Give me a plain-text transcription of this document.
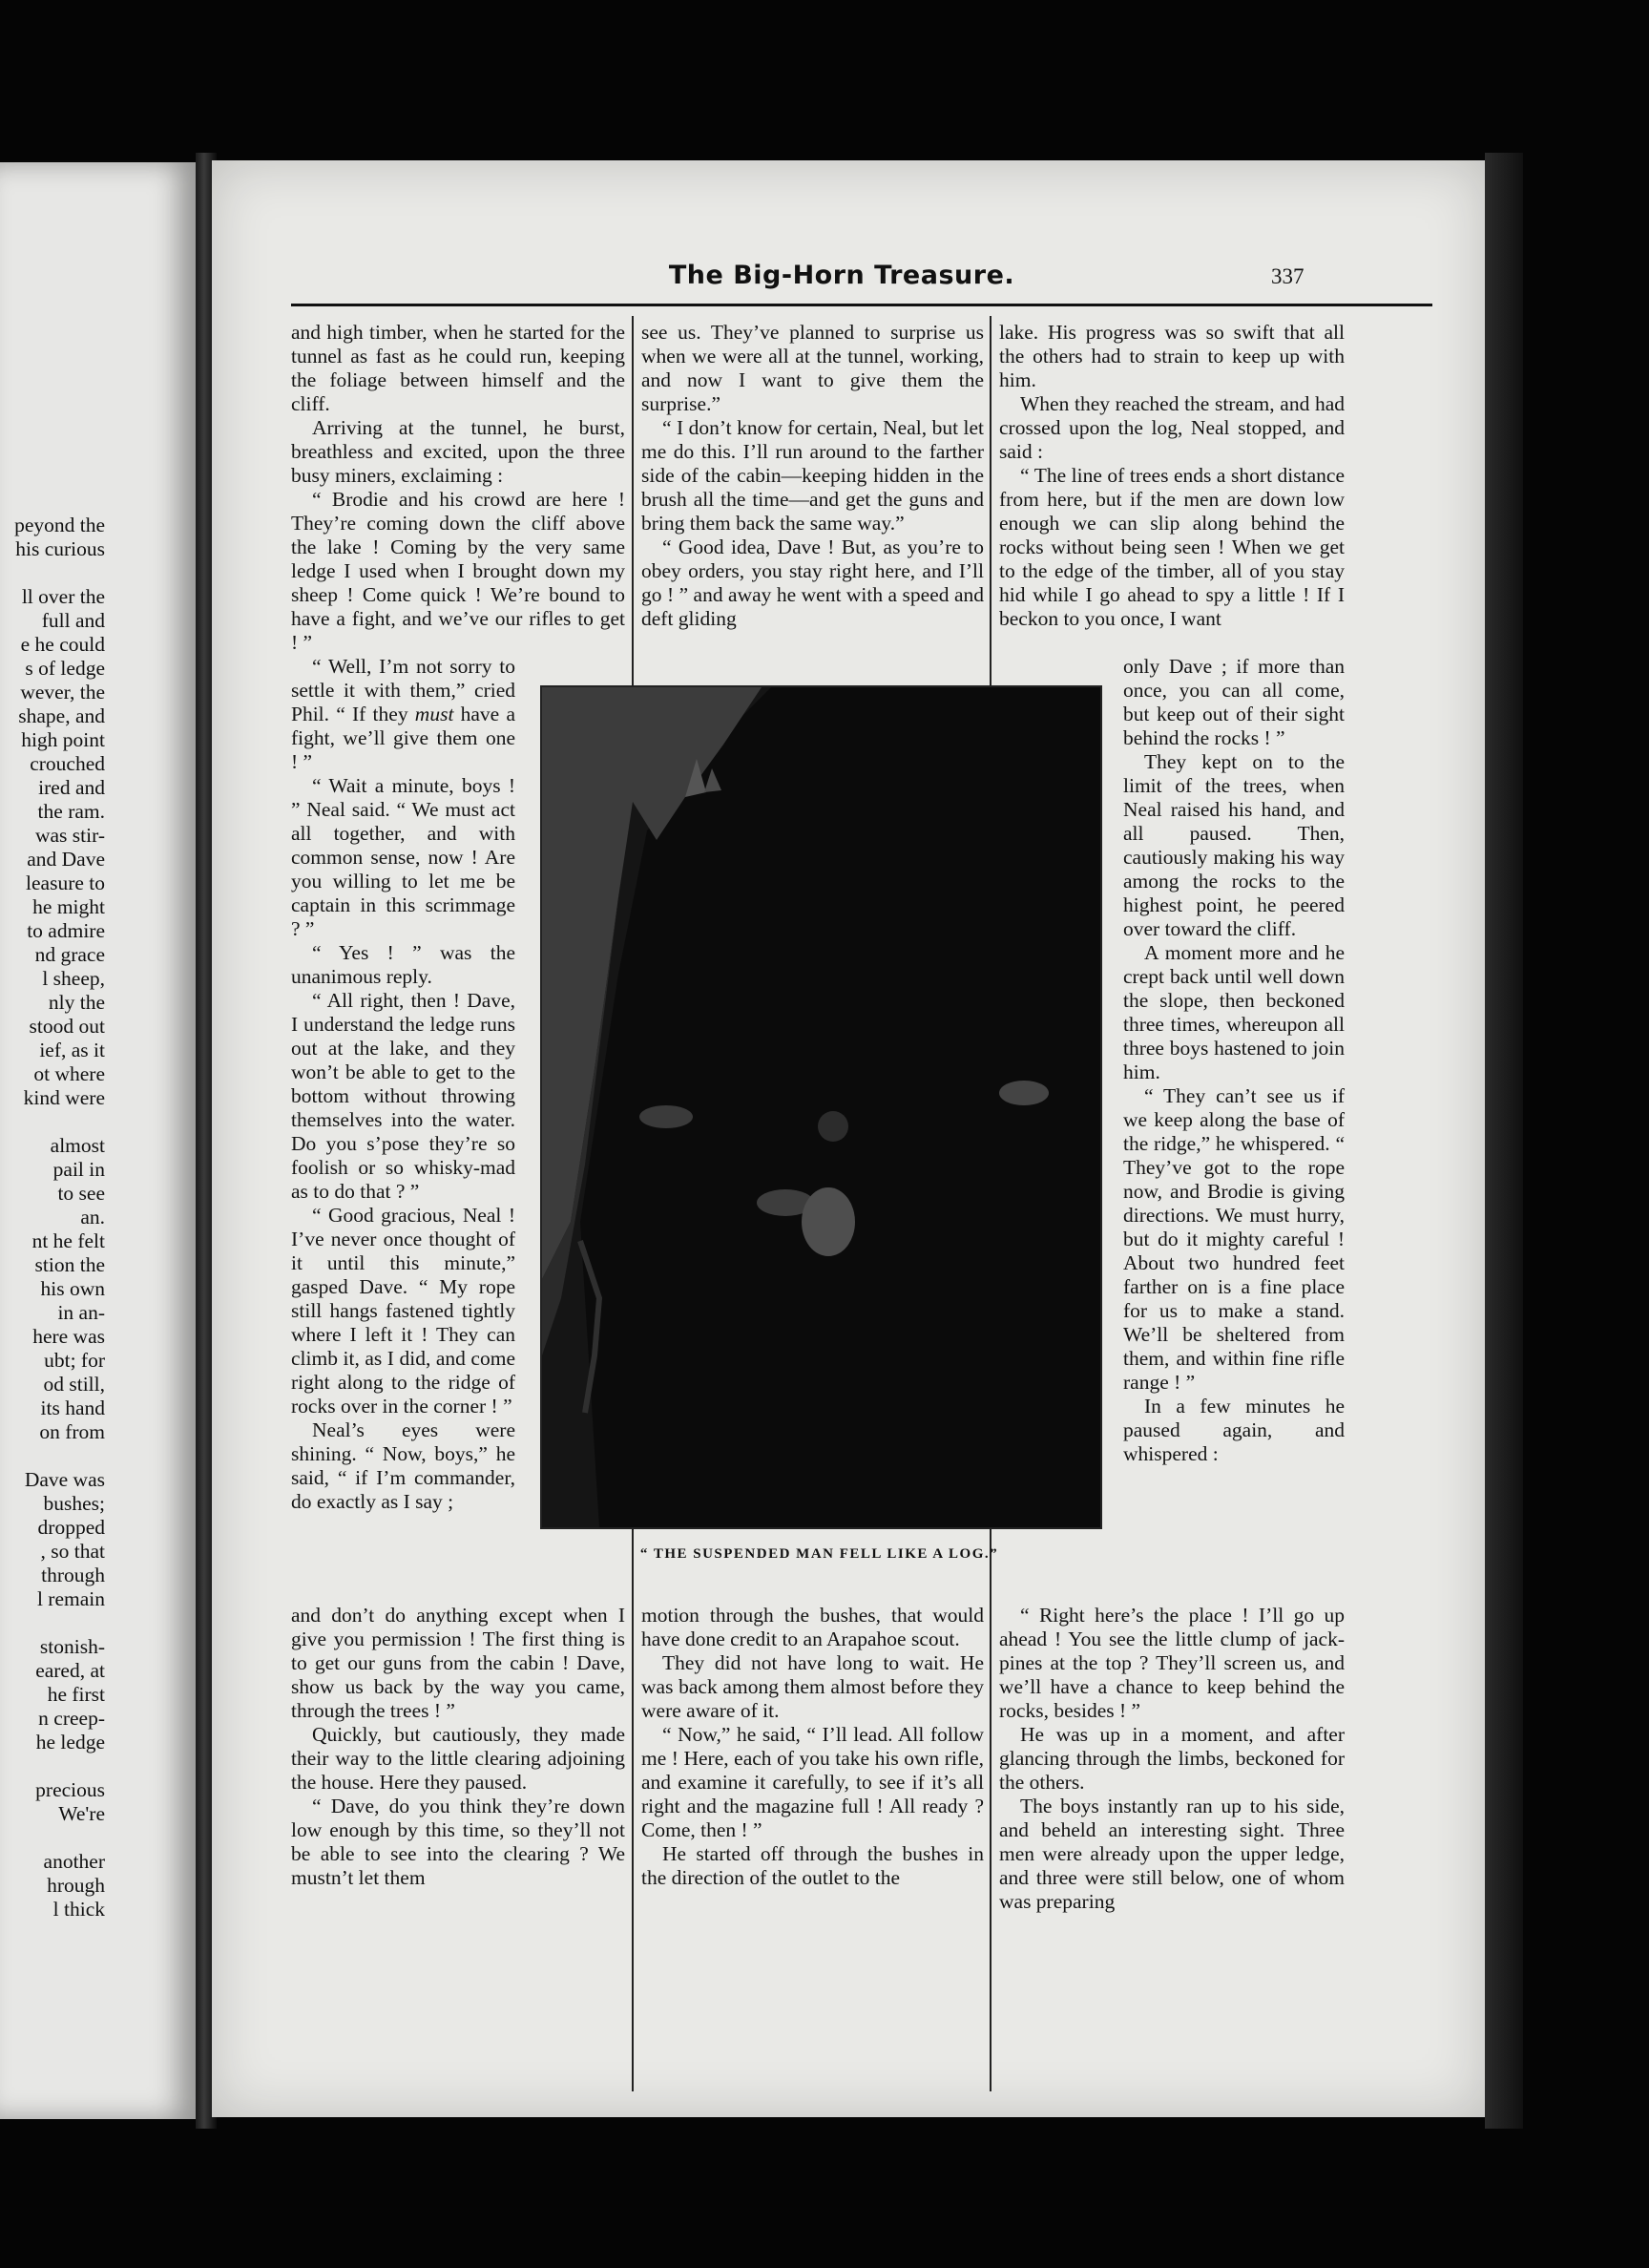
peyond the
his curious
ll over the
full and
e he could
s of ledge
wever, the
shape, and
high point
crouched
ired and
the ram.
was stir-
and Dave
leasure to
he might
to admire
nd grace
l sheep,
nly the
stood out
ief, as it
ot where
kind were
almost
pail in
to see
an.
nt he felt
stion the
his own
in an-
here was
ubt; for
od still,
its hand
on from
Dave was
bushes;
dropped
, so that
through
l remain
stonish-
eared, at
he first
n creep-
he ledge
precious
We're
another
hrough
l thick
The Big-Horn Treasure.	337

and high timber, when he started for the tunnel as fast as he could run, keeping the foliage between himself and the cliff.

Arriving at the tunnel, he burst, breathless and excited, upon the three busy miners, exclaiming :

“ Brodie and his crowd are here ! They’re coming down the cliff above the lake ! Coming by the very same ledge I used when I brought down my sheep ! Come quick ! We’re bound to have a fight, and we’ve our rifles to get ! ”

“ Well, I’m not sorry to settle it with them,” cried Phil. “ If they must have a fight, we’ll give them one ! ”

“ Wait a minute, boys ! ” Neal said. “ We must act all together, and with common sense, now ! Are you willing to let me be captain in this scrimmage ? ”

“ Yes ! ” was the unanimous reply.

“ All right, then ! Dave, I understand the ledge runs out at the lake, and they won’t be able to get to the bottom without throwing themselves into the water. Do you s’pose they’re so foolish or so whisky-mad as to do that ? ”

“ Good gracious, Neal ! I’ve never once thought of it until this minute,” gasped Dave. “ My rope still hangs fastened tightly where I left it ! They can climb it, as I did, and come right along to the ridge of rocks over in the corner ! ”

Neal’s eyes were shining. “ Now, boys,” he said, “ if I’m commander, do exactly as I say ;

and don’t do anything except when I give you permission ! The first thing is to get our guns from the cabin ! Dave, show us back by the way you came, through the trees ! ”

Quickly, but cautiously, they made their way to the little clearing adjoining the house. Here they paused.

“ Dave, do you think they’re down low enough by this time, so they’ll not be able to see into the clearing ? We mustn’t let them

see us. They’ve planned to surprise us when we were all at the tunnel, working, and now I want to give them the surprise.”

“ I don’t know for certain, Neal, but let me do this. I’ll run around to the farther side of the cabin—keeping hidden in the brush all the time—and get the guns and bring them back the same way.”

“ Good idea, Dave ! But, as you’re to obey orders, you stay right here, and I’ll go ! ” and away he went with a speed and deft gliding

motion through the bushes, that would have done credit to an Arapahoe scout.

They did not have long to wait. He was back among them almost before they were aware of it.

“ Now,” he said, “ I’ll lead. All follow me ! Here, each of you take his own rifle, and examine it carefully, to see if it’s all right and the magazine full ! All ready ? Come, then ! ”

He started off through the bushes in the direction of the outlet to the

lake. His progress was so swift that all the others had to strain to keep up with him.

When they reached the stream, and had crossed upon the log, Neal stopped, and said :

“ The line of trees ends a short distance from here, but if the men are down low enough we can slip along behind the rocks without being seen ! When we get to the edge of the timber, all of you stay hid while I go ahead to spy a little ! If I beckon to you once, I want

only Dave ; if more than once, you can all come, but keep out of their sight behind the rocks ! ”

They kept on to the limit of the trees, when Neal raised his hand, and all paused. Then, cautiously making his way among the rocks to the highest point, he peered over toward the cliff.

A moment more and he crept back until well down the slope, then beckoned three times, whereupon all three boys hastened to join him.

“ They can’t see us if we keep along the base of the ridge,” he whispered. “ They’ve got to the rope now, and Brodie is giving directions. We must hurry, but do it mighty careful ! About two hundred feet farther on is a fine place for us to make a stand. We’ll be sheltered from them, and within fine rifle range ! ”

In a few minutes he paused again, and whispered :

“ Right here’s the place ! I’ll go up ahead ! You see the little clump of jack-pines at the top ? They’ll screen us, and we’ll have a chance to keep behind the rocks, besides ! ”

He was up in a moment, and after glancing through the limbs, beckoned for the others.

The boys instantly ran up to his side, and beheld an interesting sight. Three men were already upon the upper ledge, and three were still below, one of whom was preparing

“ THE SUSPENDED MAN FELL LIKE A LOG.”
